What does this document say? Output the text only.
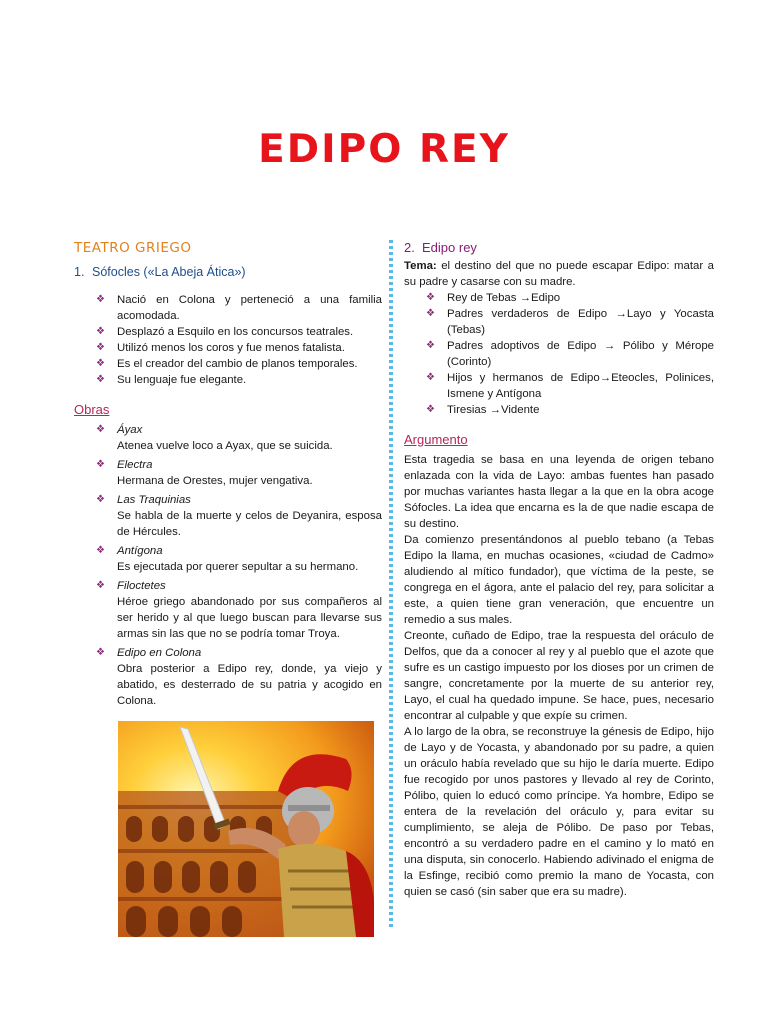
EDIPO REY
TEATRO GRIEGO
1. Sófocles («La Abeja Ática»)
❖ Nació en Colona y perteneció a una familia acomodada.
❖ Desplazó a Esquilo en los concursos teatrales.
❖ Utilizó menos los coros y fue menos fatalista.
❖ Es el creador del cambio de planos temporales.
❖ Su lenguaje fue elegante.
Obras
❖ Áyax
Atenea vuelve loco a Ayax, que se suicida.
❖ Electra
Hermana de Orestes, mujer vengativa.
❖ Las Traquinias
Se habla de la muerte y celos de Deyanira, esposa de Hércules.
❖ Antígona
Es ejecutada por querer sepultar a su hermano.
❖ Filoctetes
Héroe griego abandonado por sus compañeros al ser herido y al que luego buscan para llevarse sus armas sin las que no se podría tomar Troya.
❖ Edipo en Colona
Obra posterior a Edipo rey, donde, ya viejo y abatido, es desterrado de su patria y acogido en Colona.
2. Edipo rey

Tema: el destino del que no puede escapar Edipo: matar a su padre y casarse con su madre.

❖ Rey de Tebas →Edipo
❖ Padres verdaderos de Edipo →Layo y Yocasta (Tebas)
❖ Padres adoptivos de Edipo → Pólibo y Mérope (Corinto)
❖ Hijos y hermanos de Edipo→Eteocles, Polinices, Ismene y Antígona
❖ Tiresias →Vidente
Argumento

Esta tragedia se basa en una leyenda de origen tebano enlazada con la vida de Layo: ambas fuentes han pasado por muchas variantes hasta llegar a la que en la obra acoge Sófocles. La idea que encarna es la de que nadie escapa de su destino.

Da comienzo presentándonos al pueblo tebano (a Tebas Edipo la llama, en muchas ocasiones, «ciudad de Cadmo» aludiendo al mítico fundador), que víctima de la peste, se congrega en el ágora, ante el palacio del rey, para solicitar a este, a quien tiene gran veneración, que encuentre un remedio a sus males.

Creonte, cuñado de Edipo, trae la respuesta del oráculo de Delfos, que da a conocer al rey y al pueblo que el azote que sufre es un castigo impuesto por los dioses por un crimen de sangre, concretamente por la muerte de su anterior rey, Layo, el cual ha quedado impune. Se hace, pues, necesario encontrar al culpable y que expíe su crimen.

A lo largo de la obra, se reconstruye la génesis de Edipo, hijo de Layo y de Yocasta, y abandonado por su padre, a quien un oráculo había revelado que su hijo le daría muerte. Edipo fue recogido por unos pastores y llevado al rey de Corinto, Pólibo, quien lo educó como príncipe. Ya hombre, Edipo se entera de la revelación del oráculo y, para evitar su cumplimiento, se aleja de Pólibo. De paso por Tebas, encontró a su verdadero padre en el camino y lo mató en una disputa, sin conocerlo. Habiendo adivinado el enigma de la Esfinge, recibió como premio la mano de Yocasta, con quien se casó (sin saber que era su madre).
